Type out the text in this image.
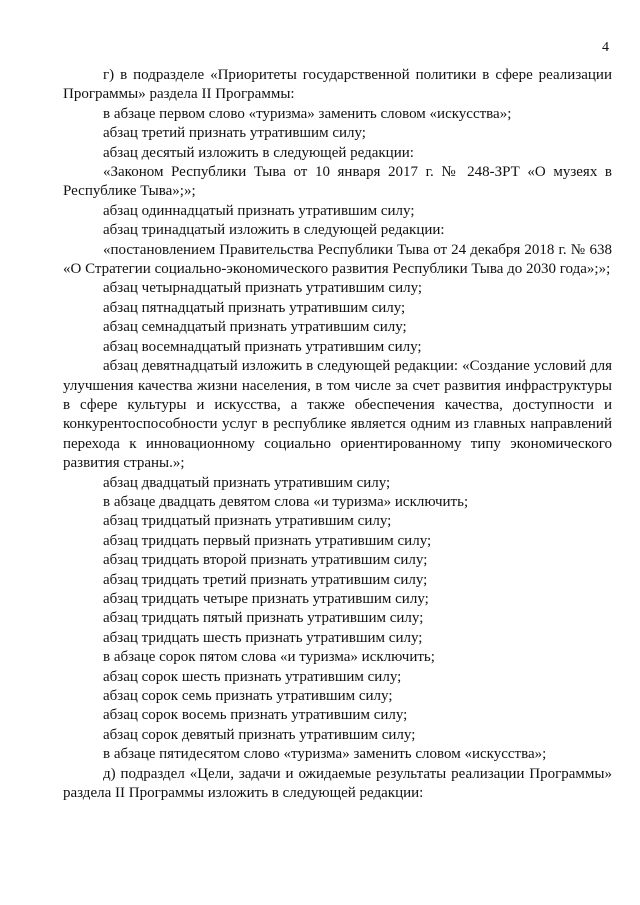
4

г) в подразделе «Приоритеты государственной политики в сфере реализации Программы» раздела II Программы:

в абзаце первом слово «туризма» заменить словом «искусства»;

абзац третий признать утратившим силу;

абзац десятый изложить в следующей редакции:

«Законом Республики Тыва от 10 января 2017 г. № 248-ЗРТ «О музеях в Республике Тыва»;»;

абзац одиннадцатый признать утратившим силу;

абзац тринадцатый изложить в следующей редакции:

«постановлением Правительства Республики Тыва от 24 декабря 2018 г. № 638 «О Стратегии социально-экономического развития Республики Тыва до 2030 года»;»;

абзац четырнадцатый признать утратившим силу;

абзац пятнадцатый признать утратившим силу;

абзац семнадцатый признать утратившим силу;

абзац восемнадцатый признать утратившим силу;

абзац девятнадцатый изложить в следующей редакции: «Создание условий для улучшения качества жизни населения, в том числе за счет развития инфраструктуры в сфере культуры и искусства, а также обеспечения качества, доступности и конкурентоспособности услуг в республике является одним из главных направлений перехода к инновационному социально ориентированному типу экономического развития страны.»;

абзац двадцатый признать утратившим силу;

в абзаце двадцать девятом слова «и туризма» исключить;

абзац тридцатый признать утратившим силу;

абзац тридцать первый признать утратившим силу;

абзац тридцать второй признать утратившим силу;

абзац тридцать третий признать утратившим силу;

абзац тридцать четыре признать утратившим силу;

абзац тридцать пятый признать утратившим силу;

абзац тридцать шесть признать утратившим силу;

в абзаце сорок пятом слова «и туризма» исключить;

абзац сорок шесть признать утратившим силу;

абзац сорок семь признать утратившим силу;

абзац сорок восемь признать утратившим силу;

абзац сорок девятый признать утратившим силу;

в абзаце пятидесятом слово «туризма» заменить словом «искусства»;

д) подраздел «Цели, задачи и ожидаемые результаты реализации Программы» раздела II Программы изложить в следующей редакции:
